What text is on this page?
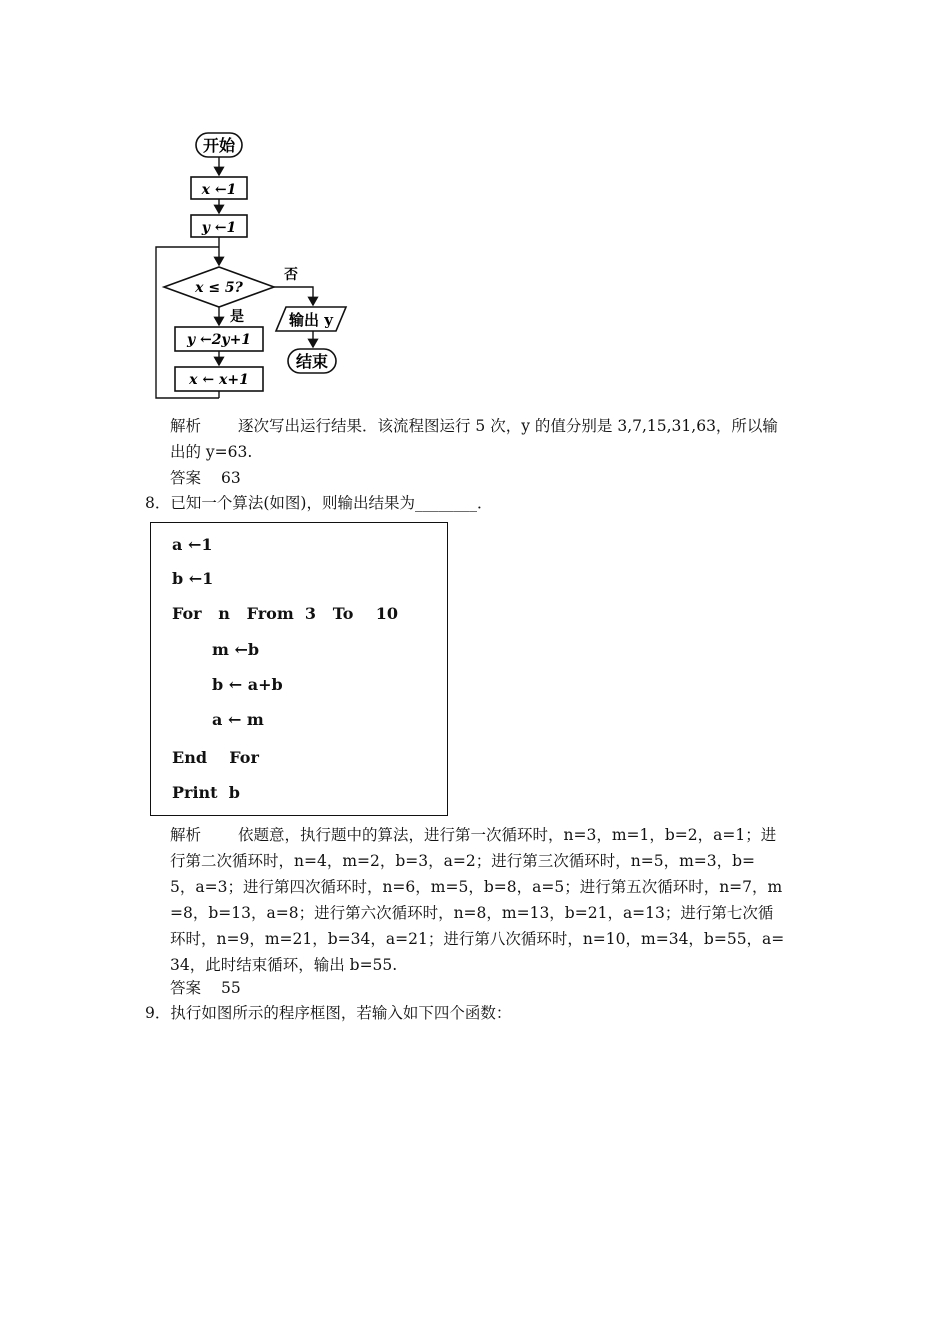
开始
x ←1
y ←1
x ≤ 5?
否
输出 y
结束
是
y ←2y+1
x ← x+1
解析 逐次写出运行结果．该流程图运行 5 次，y 的值分别是 3,7,15,31,63，所以输
出的 y=63.
答案 63
8．已知一个算法(如图)，则输出结果为________．
a ←1
b ←1
For   n   From  3   To    10
m ←b
b ← a+b
a ← m
End    For
Print  b
解析 依题意，执行题中的算法，进行第一次循环时，n=3，m=1，b=2，a=1；进
行第二次循环时，n=4，m=2，b=3，a=2；进行第三次循环时，n=5，m=3，b=
5，a=3；进行第四次循环时，n=6，m=5，b=8，a=5；进行第五次循环时，n=7，m
=8，b=13，a=8；进行第六次循环时，n=8，m=13，b=21，a=13；进行第七次循
环时，n=9，m=21，b=34，a=21；进行第八次循环时，n=10，m=34，b=55，a=
34，此时结束循环，输出 b=55.
答案 55
9．执行如图所示的程序框图，若输入如下四个函数：
